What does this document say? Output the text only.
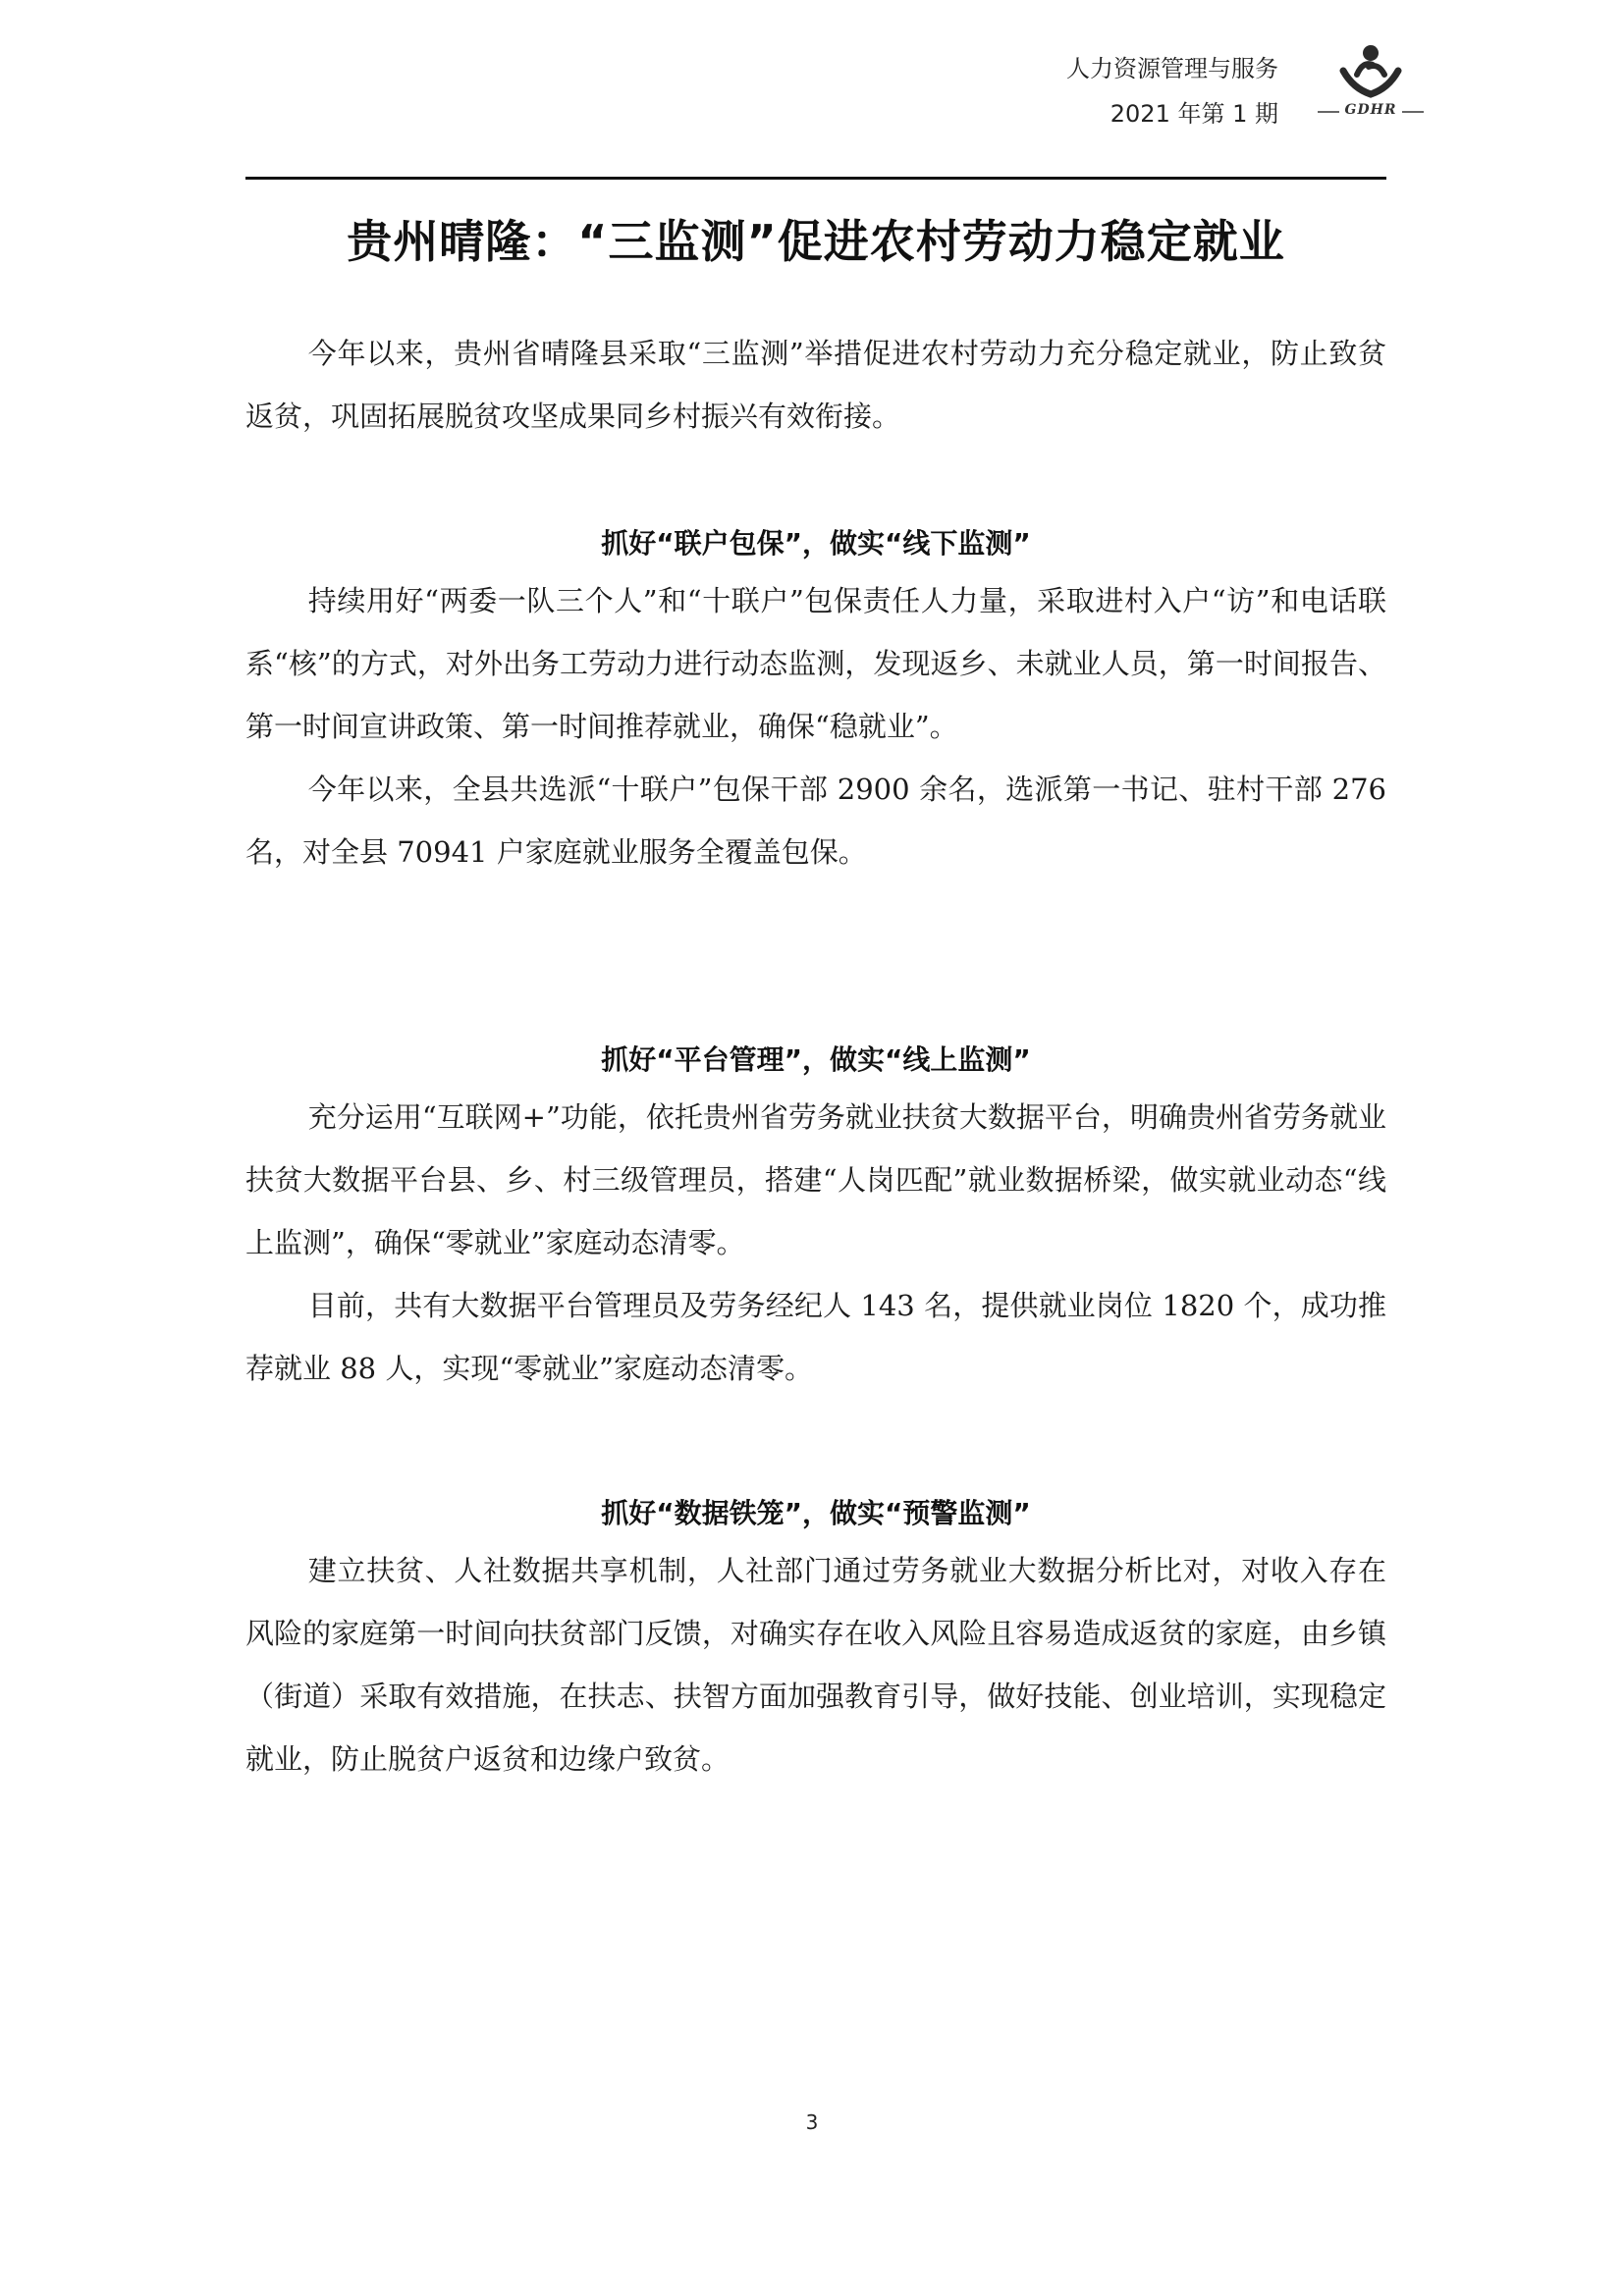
人力资源管理与服务
2021 年第 1 期	GDHR
贵州晴隆：“三监测”促进农村劳动力稳定就业

今年以来，贵州省晴隆县采取“三监测”举措促进农村劳动力充分稳定就业，防止致贫返贫，巩固拓展脱贫攻坚成果同乡村振兴有效衔接。

抓好“联户包保”，做实“线下监测”

持续用好“两委一队三个人”和“十联户”包保责任人力量，采取进村入户“访”和电话联系“核”的方式，对外出务工劳动力进行动态监测，发现返乡、未就业人员，第一时间报告、第一时间宣讲政策、第一时间推荐就业，确保“稳就业”。

今年以来，全县共选派“十联户”包保干部 2900 余名，选派第一书记、驻村干部 276 名，对全县 70941 户家庭就业服务全覆盖包保。

抓好“平台管理”，做实“线上监测”

充分运用“互联网+”功能，依托贵州省劳务就业扶贫大数据平台，明确贵州省劳务就业扶贫大数据平台县、乡、村三级管理员，搭建“人岗匹配”就业数据桥梁，做实就业动态“线上监测”，确保“零就业”家庭动态清零。

目前，共有大数据平台管理员及劳务经纪人 143 名，提供就业岗位 1820 个，成功推荐就业 88 人，实现“零就业”家庭动态清零。

抓好“数据铁笼”，做实“预警监测”

建立扶贫、人社数据共享机制，人社部门通过劳务就业大数据分析比对，对收入存在风险的家庭第一时间向扶贫部门反馈，对确实存在收入风险且容易造成返贫的家庭，由乡镇（街道）采取有效措施，在扶志、扶智方面加强教育引导，做好技能、创业培训，实现稳定就业，防止脱贫户返贫和边缘户致贫。

3
